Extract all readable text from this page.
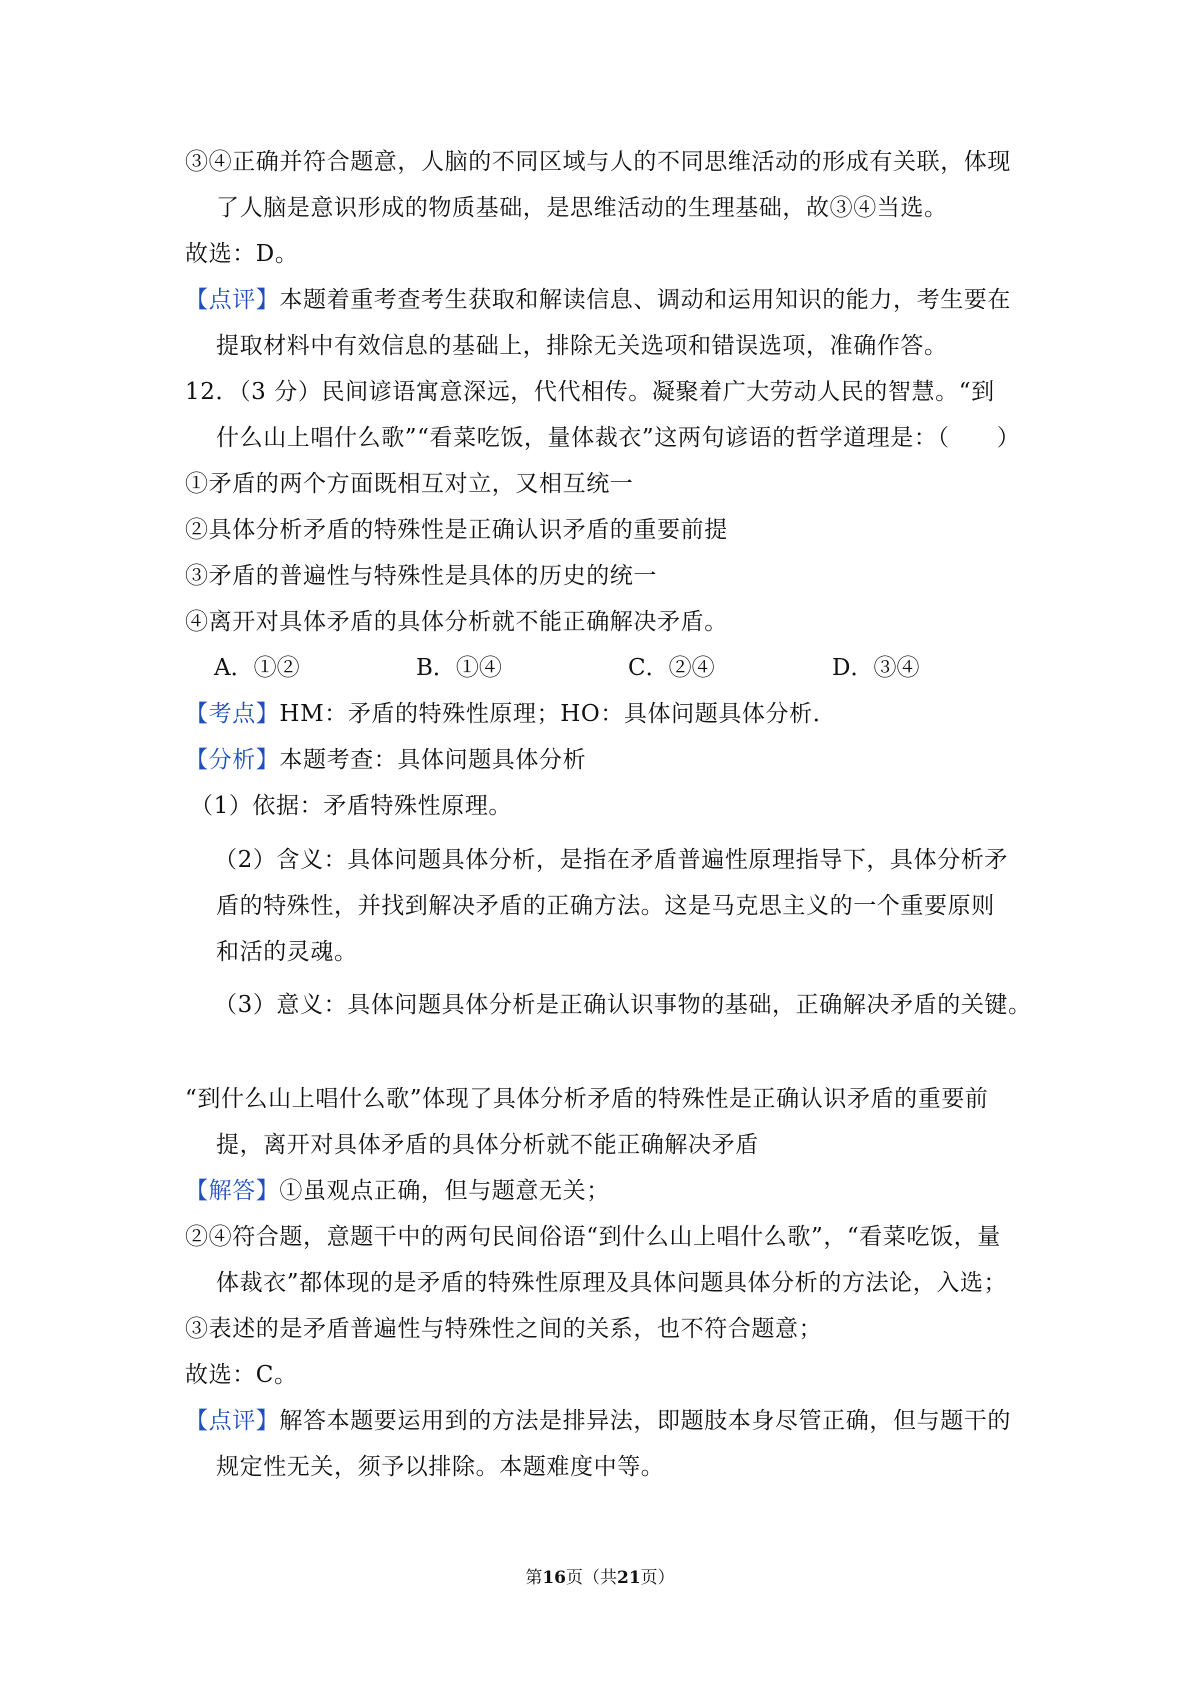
③④正确并符合题意，人脑的不同区域与人的不同思维活动的形成有关联，体现
了人脑是意识形成的物质基础，是思维活动的生理基础，故③④当选。
故选：D。
【点评】本题着重考查考生获取和解读信息、调动和运用知识的能力，考生要在
提取材料中有效信息的基础上，排除无关选项和错误选项，准确作答。
12．（3 分）民间谚语寓意深远，代代相传。凝聚着广大劳动人民的智慧。“到
什么山上唱什么歌”“看菜吃饭，量体裁衣”这两句谚语的哲学道理是：（　　）
①矛盾的两个方面既相互对立，又相互统一
②具体分析矛盾的特殊性是正确认识矛盾的重要前提
③矛盾的普遍性与特殊性是具体的历史的统一
④离开对具体矛盾的具体分析就不能正确解决矛盾。
A．①②	B．①④	C．②④	D．③④
【考点】HM：矛盾的特殊性原理；HO：具体问题具体分析．
【分析】本题考查：具体问题具体分析
（1）依据：矛盾特殊性原理。
（2）含义：具体问题具体分析，是指在矛盾普遍性原理指导下，具体分析矛
盾的特殊性，并找到解决矛盾的正确方法。这是马克思主义的一个重要原则
和活的灵魂。
（3）意义：具体问题具体分析是正确认识事物的基础，正确解决矛盾的关键。
“到什么山上唱什么歌”体现了具体分析矛盾的特殊性是正确认识矛盾的重要前
提，离开对具体矛盾的具体分析就不能正确解决矛盾
【解答】①虽观点正确，但与题意无关；
②④符合题，意题干中的两句民间俗语“到什么山上唱什么歌”，“看菜吃饭，量
体裁衣”都体现的是矛盾的特殊性原理及具体问题具体分析的方法论，入选；
③表述的是矛盾普遍性与特殊性之间的关系，也不符合题意；
故选：C。
【点评】解答本题要运用到的方法是排异法，即题肢本身尽管正确，但与题干的
规定性无关，须予以排除。本题难度中等。
第16页（共21页）
